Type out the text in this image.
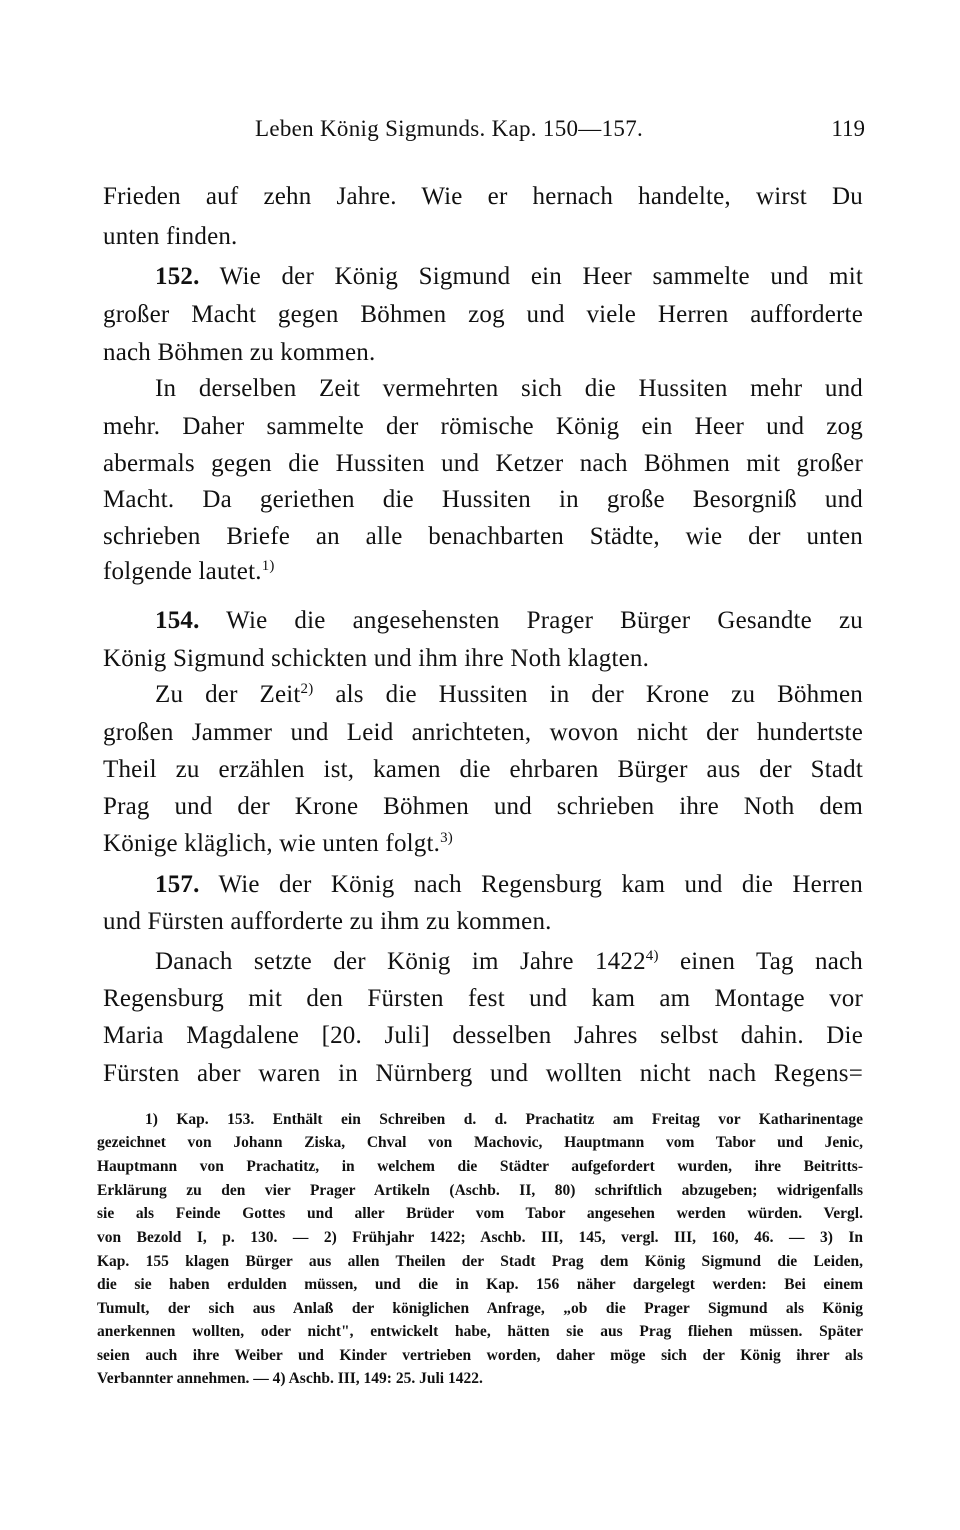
Leben König Sigmunds. Kap. 150—157.	119
Frieden auf zehn Jahre. Wie er hernach handelte, wirst Du
unten finden.
152. Wie der König Sigmund ein Heer sammelte und mit
großer Macht gegen Böhmen zog und viele Herren aufforderte
nach Böhmen zu kommen.
In derselben Zeit vermehrten sich die Hussiten mehr und
mehr. Daher sammelte der römische König ein Heer und zog
abermals gegen die Hussiten und Ketzer nach Böhmen mit großer
Macht. Da geriethen die Hussiten in große Besorgniß und
schrieben Briefe an alle benachbarten Städte, wie der unten
folgende lautet.$^{1)}$
154. Wie die angesehensten Prager Bürger Gesandte zu
König Sigmund schickten und ihm ihre Noth klagten.
Zu der Zeit$^{2)}$ als die Hussiten in der Krone zu Böhmen
großen Jammer und Leid anrichteten, wovon nicht der hundertste
Theil zu erzählen ist, kamen die ehrbaren Bürger aus der Stadt
Prag und der Krone Böhmen und schrieben ihre Noth dem
Könige kläglich, wie unten folgt.$^{3)}$
157. Wie der König nach Regensburg kam und die Herren
und Fürsten aufforderte zu ihm zu kommen.
Danach setzte der König im Jahre 1422$^{4)}$ einen Tag nach
Regensburg mit den Fürsten fest und kam am Montage vor
Maria Magdalene [20. Juli] desselben Jahres selbst dahin. Die
Fürsten aber waren in Nürnberg und wollten nicht nach Regens=
1) Kap. 153. Enthält ein Schreiben d. d. Prachatitz am Freitag vor Katharinentage
gezeichnet von Johann Ziska, Chval von Machovic, Hauptmann vom Tabor und Jenic,
Hauptmann von Prachatitz, in welchem die Städter aufgefordert wurden, ihre Beitritts-
Erklärung zu den vier Prager Artikeln (Aschb. II, 80) schriftlich abzugeben; widrigenfalls
sie als Feinde Gottes und aller Brüder vom Tabor angesehen werden würden. Vergl.
von Bezold I, p. 130. — 2) Frühjahr 1422; Aschb. III, 145, vergl. III, 160, 46. — 3) In
Kap. 155 klagen Bürger aus allen Theilen der Stadt Prag dem König Sigmund die Leiden,
die sie haben erdulden müssen, und die in Kap. 156 näher dargelegt werden: Bei einem
Tumult, der sich aus Anlaß der königlichen Anfrage, „ob die Prager Sigmund als König
anerkennen wollten, oder nicht", entwickelt habe, hätten sie aus Prag fliehen müssen. Später
seien auch ihre Weiber und Kinder vertrieben worden, daher möge sich der König ihrer als
Verbannter annehmen. — 4) Aschb. III, 149: 25. Juli 1422.
